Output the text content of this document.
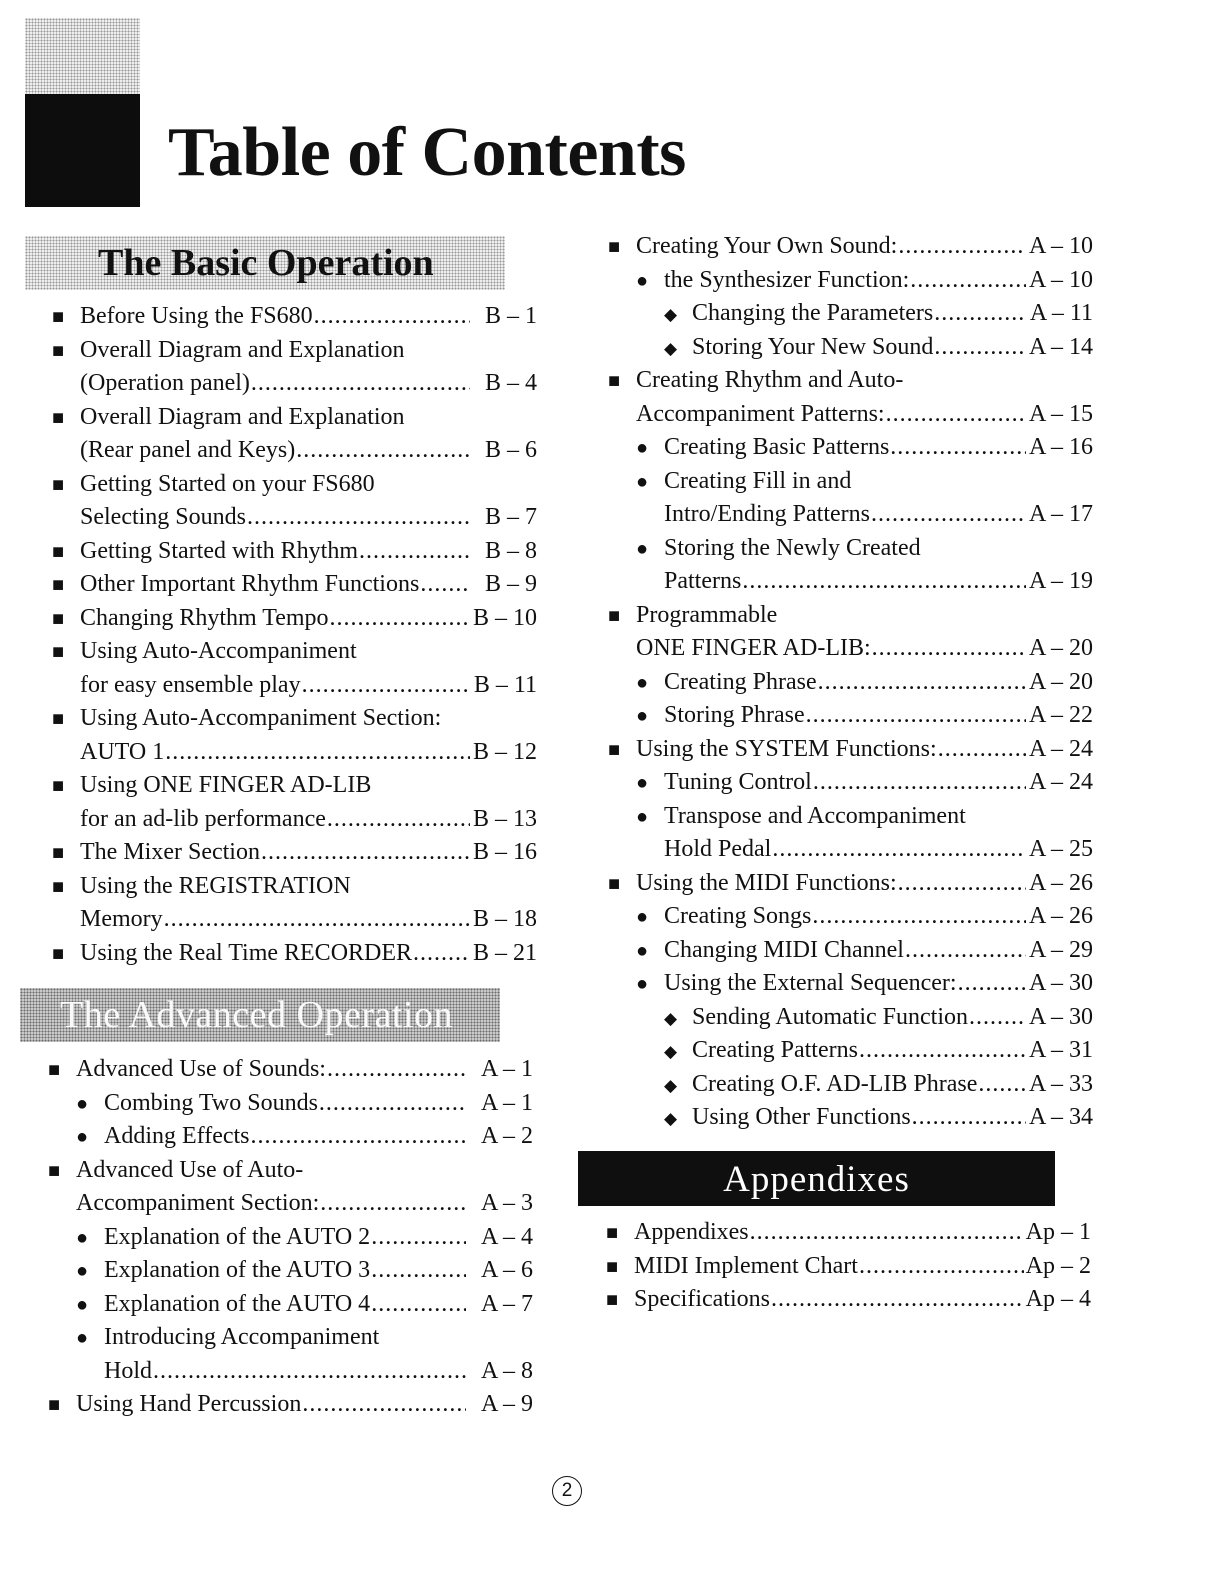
Table of Contents
The Basic Operation
■
Before Using the FS680 . . .	B – 1
■
Overall Diagram and Explanation
(Operation panel) . . .	B – 4
■
Overall Diagram and Explanation
(Rear panel and Keys) . . .	B – 6
■
Getting Started on your FS680
Selecting Sounds . . .	B – 7
■
Getting Started with Rhythm . . .	B – 8
■
Other Important Rhythm Functions . . .	B – 9
■
Changing Rhythm Tempo . . .	B – 10
■
Using Auto-Accompaniment
for easy ensemble play . . .	B – 11
■
Using Auto-Accompaniment Section:
AUTO 1 . . .	B – 12
■
Using ONE FINGER AD-LIB
for an ad-lib performance . . .	B – 13
■
The Mixer Section . . .	B – 16
■
Using the REGISTRATION
Memory . . .	B – 18
■
Using the Real Time RECORDER . . .	B – 21
The Advanced Operation
■
Advanced Use of Sounds: . . .	A – 1
●
Combing Two Sounds . . .	A – 1
●
Adding Effects . . .	A – 2
■
Advanced Use of Auto-
Accompaniment Section: . . .	A – 3
●
Explanation of the AUTO 2 . . .	A – 4
●
Explanation of the AUTO 3 . . .	A – 6
●
Explanation of the AUTO 4 . . .	A – 7
●
Introducing Accompaniment
Hold . . .	A – 8
■
Using Hand Percussion . . .	A – 9
■
Creating Your Own Sound: . . .	A – 10
●
the Synthesizer Function: . . .	A – 10
◆
Changing the Parameters . . .	A – 11
◆
Storing Your New Sound . . .	A – 14
■
Creating Rhythm and Auto-
Accompaniment Patterns: . . .	A – 15
●
Creating Basic Patterns . . .	A – 16
●
Creating Fill in and
Intro/Ending Patterns . . .	A – 17
●
Storing the Newly Created
Patterns . . .	A – 19
■
Programmable
ONE FINGER AD-LIB: . . .	A – 20
●
Creating Phrase . . .	A – 20
●
Storing Phrase . . .	A – 22
■
Using the SYSTEM Functions: . . .	A – 24
●
Tuning Control . . .	A – 24
●
Transpose and Accompaniment
Hold Pedal . . .	A – 25
■
Using the MIDI Functions: . . .	A – 26
●
Creating Songs . . .	A – 26
●
Changing MIDI Channel . . .	A – 29
●
Using the External Sequencer: . . .	A – 30
◆
Sending Automatic Function . . .	A – 30
◆
Creating Patterns . . .	A – 31
◆
Creating O.F. AD-LIB Phrase . . . A – 33
◆
Using Other Functions . . .	A – 34
Appendixes
■
Appendixes . . .	Ap – 1
■
MIDI Implement Chart . . .	Ap – 2
■
Specifications . . .	Ap – 4
2
